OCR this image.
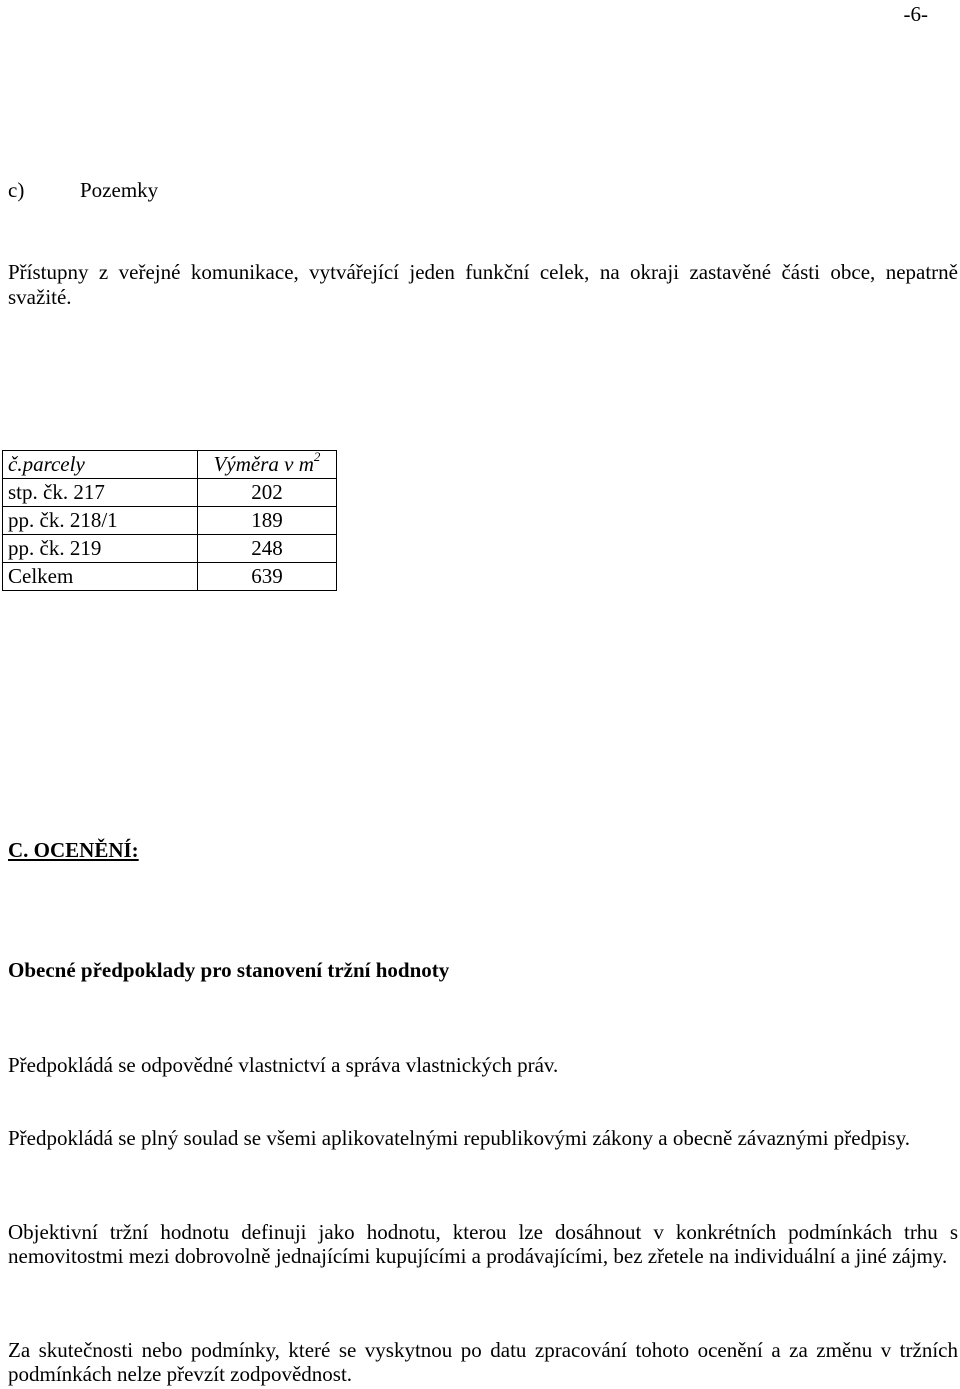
-6-
c)	Pozemky
Přístupny z veřejné komunikace, vytvářející jeden funkční celek, na okraji zastavěné části obce, nepatrně svažité.
č.parcely	Výměra v $m^2$
stp. čk. 217	202
pp. čk. 218/1	189
pp. čk. 219	248
Celkem	639
C. OCENĚNÍ:
Obecné předpoklady pro stanovení tržní hodnoty
Předpokládá se odpovědné vlastnictví a správa vlastnických práv.
Předpokládá se plný soulad se všemi aplikovatelnými republikovými zákony a obecně závaznými předpisy.
Objektivní tržní hodnotu definuji jako hodnotu, kterou lze dosáhnout v konkrétních podmínkách trhu s nemovitostmi mezi dobrovolně jednajícími kupujícími a prodávajícími, bez zřetele na individuální a jiné zájmy.
Za skutečnosti nebo podmínky, které se vyskytnou po datu zpracování tohoto ocenění a za změnu v tržních podmínkách nelze převzít zodpovědnost.
